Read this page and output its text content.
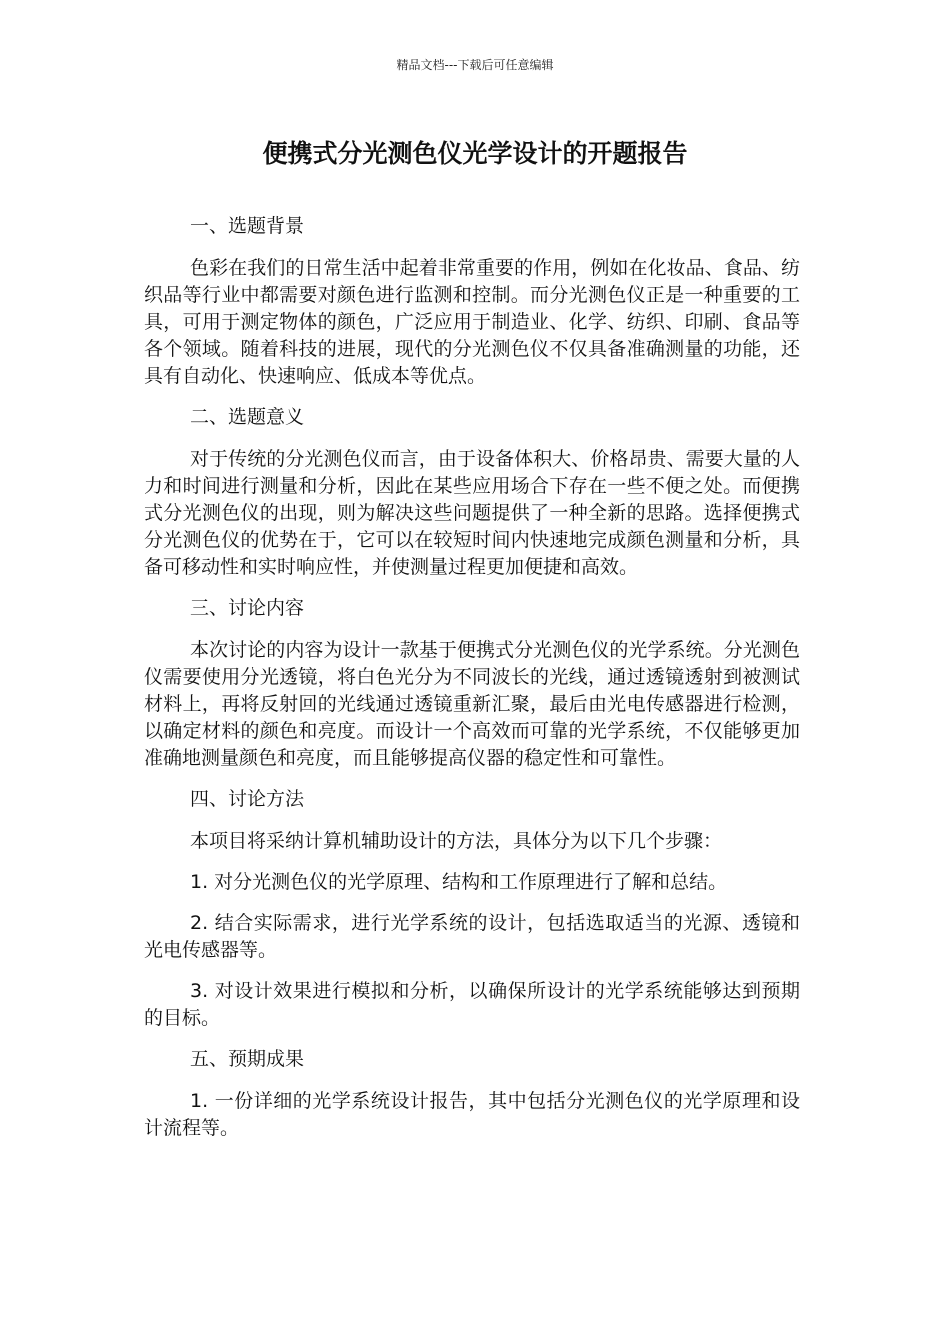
精品文档---下载后可任意编辑
便携式分光测色仪光学设计的开题报告

一、选题背景

色彩在我们的日常生活中起着非常重要的作用，例如在化妆品、食品、纺织品等行业中都需要对颜色进行监测和控制。而分光测色仪正是一种重要的工具，可用于测定物体的颜色，广泛应用于制造业、化学、纺织、印刷、食品等各个领域。随着科技的进展，现代的分光测色仪不仅具备准确测量的功能，还具有自动化、快速响应、低成本等优点。

二、选题意义

对于传统的分光测色仪而言，由于设备体积大、价格昂贵、需要大量的人力和时间进行测量和分析，因此在某些应用场合下存在一些不便之处。而便携式分光测色仪的出现，则为解决这些问题提供了一种全新的思路。选择便携式分光测色仪的优势在于，它可以在较短时间内快速地完成颜色测量和分析，具备可移动性和实时响应性，并使测量过程更加便捷和高效。

三、讨论内容

本次讨论的内容为设计一款基于便携式分光测色仪的光学系统。分光测色仪需要使用分光透镜，将白色光分为不同波长的光线，通过透镜透射到被测试材料上，再将反射回的光线通过透镜重新汇聚，最后由光电传感器进行检测，以确定材料的颜色和亮度。而设计一个高效而可靠的光学系统，不仅能够更加准确地测量颜色和亮度，而且能够提高仪器的稳定性和可靠性。

四、讨论方法

本项目将采纳计算机辅助设计的方法，具体分为以下几个步骤：

1. 对分光测色仪的光学原理、结构和工作原理进行了解和总结。

2. 结合实际需求，进行光学系统的设计，包括选取适当的光源、透镜和光电传感器等。

3. 对设计效果进行模拟和分析，以确保所设计的光学系统能够达到预期的目标。

五、预期成果

1. 一份详细的光学系统设计报告，其中包括分光测色仪的光学原理和设计流程等。
